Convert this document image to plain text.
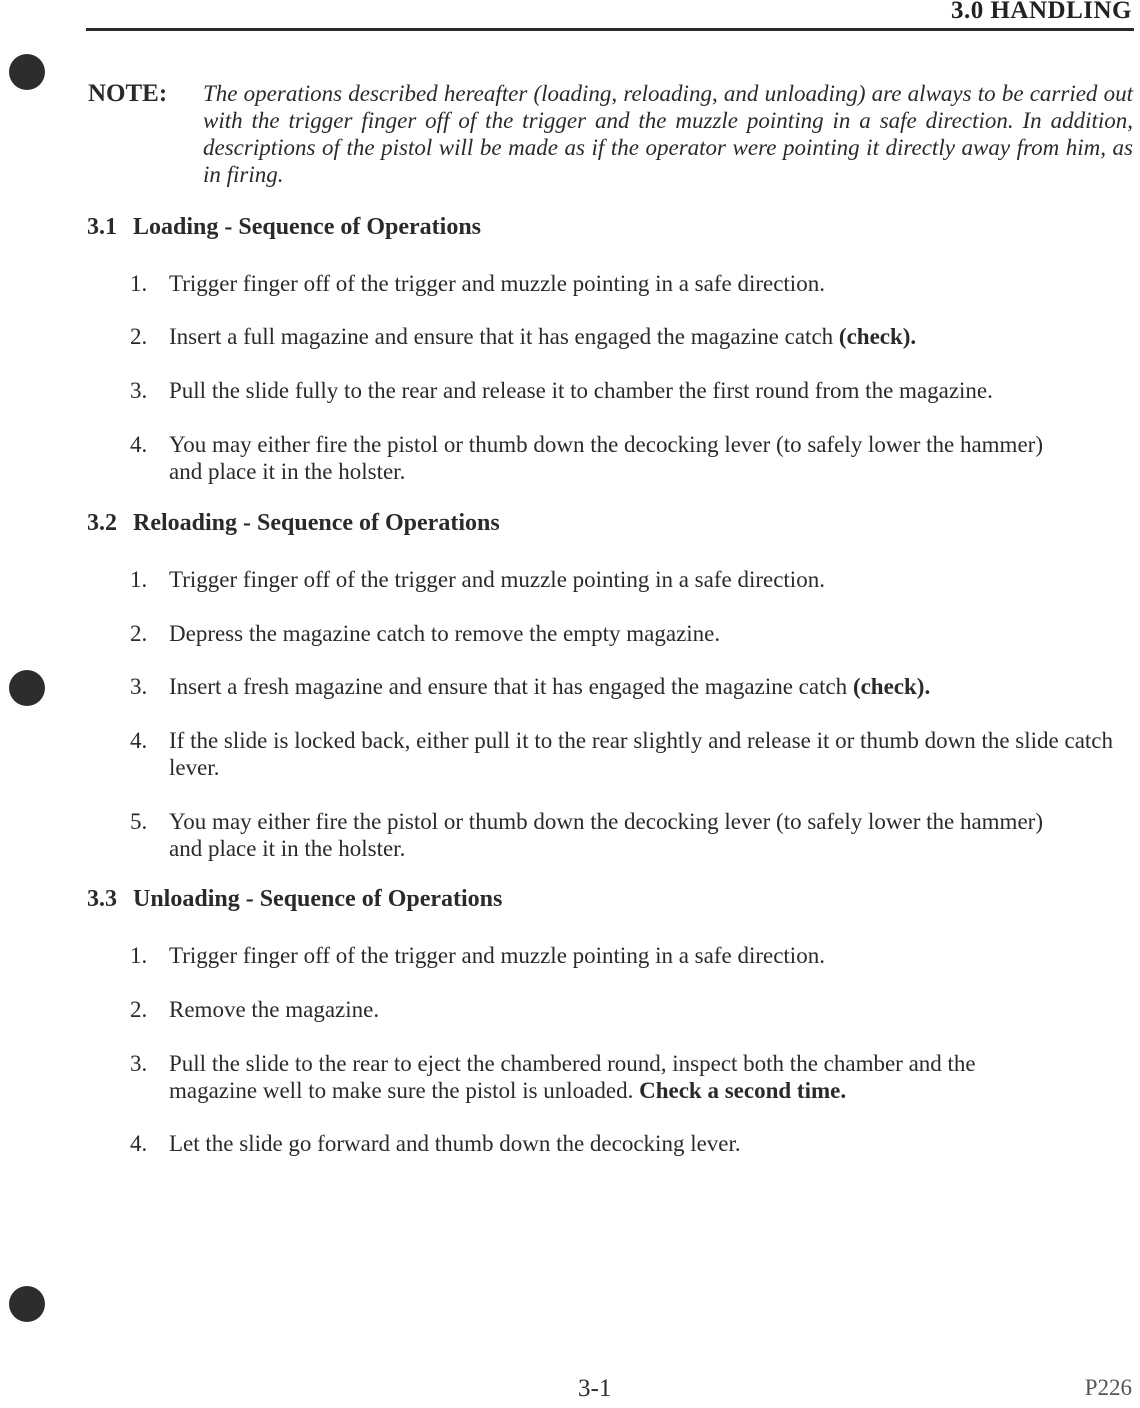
3.0 HANDLING
NOTE: The operations described hereafter (loading, reloading, and unloading) are always to be carried out with the trigger finger off of the trigger and the muzzle pointing in a safe direction. In addition, descriptions of the pistol will be made as if the operator were pointing it directly away from him, as in firing.
3.1 Loading - Sequence of Operations
1. Trigger finger off of the trigger and muzzle pointing in a safe direction.
2. Insert a full magazine and ensure that it has engaged the magazine catch (check).
3. Pull the slide fully to the rear and release it to chamber the first round from the magazine.
4. You may either fire the pistol or thumb down the decocking lever (to safely lower the hammer) and place it in the holster.
3.2 Reloading - Sequence of Operations
1. Trigger finger off of the trigger and muzzle pointing in a safe direction.
2. Depress the magazine catch to remove the empty magazine.
3. Insert a fresh magazine and ensure that it has engaged the magazine catch (check).
4. If the slide is locked back, either pull it to the rear slightly and release it or thumb down the slide catch lever.
5. You may either fire the pistol or thumb down the decocking lever (to safely lower the hammer) and place it in the holster.
3.3 Unloading - Sequence of Operations
1. Trigger finger off of the trigger and muzzle pointing in a safe direction.
2. Remove the magazine.
3. Pull the slide to the rear to eject the chambered round, inspect both the chamber and the magazine well to make sure the pistol is unloaded. Check a second time.
4. Let the slide go forward and thumb down the decocking lever.
3-1	P226
